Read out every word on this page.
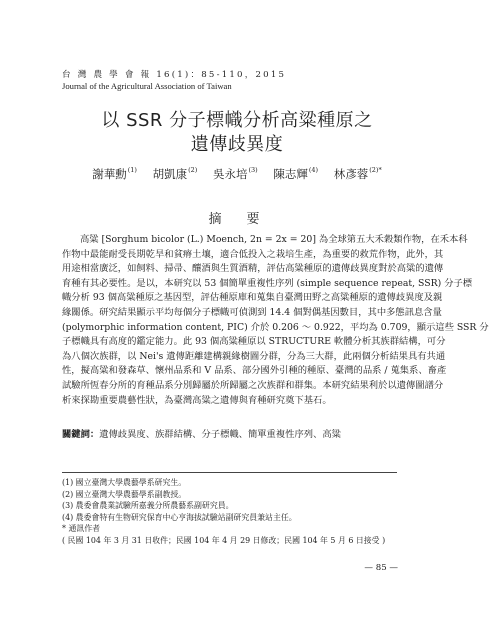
台 灣 農 學 會 報 16(1)：85-110，2015
Journal of the Agricultural Association of Taiwan
以 SSR 分子標幟分析高粱種原之
遺傳歧異度
謝華勳$^{(1)}$ 胡凱康$^{(2)}$ 吳永培$^{(3)}$ 陳志輝$^{(4)}$ 林彥蓉$^{(2)*}$
摘　要
高粱 [Sorghum bicolor (L.) Moench, 2n = 2x = 20] 為全球第五大禾穀類作物，在禾本科
作物中最能耐受長期乾旱和貧瘠土壤，適合低投入之栽培生產，為重要的救荒作物，此外，其
用途相當廣泛，如飼料、掃帚、釀酒與生質酒精，評估高粱種原的遺傳歧異度對於高粱的遺傳
育種有其必要性。是以，本研究以 53 個簡單重複性序列 (simple sequence repeat, SSR) 分子標
幟分析 93 個高粱種原之基因型，評估種原庫和蒐集自臺灣田野之高粱種原的遺傳歧異度及親
緣關係。研究結果顯示平均每個分子標幟可偵測到 14.4 個對偶基因數目，其中多態訊息含量
(polymorphic information content, PIC) 介於 0.206 ～ 0.922，平均為 0.709，顯示這些 SSR 分
子標幟具有高度的鑑定能力。此 93 個高粱種原以 STRUCTURE 軟體分析其族群結構，可分
為八個次族群，以 Nei's 遺傳距離建構親緣樹圖分群，分為三大群，此兩個分析結果具有共通
性，擬高粱和發森草、懷州品系和 V 品系、部分國外引種的種原、臺灣的品系 / 蒐集系、畜產
試驗所恆春分所的育種品系分別歸屬於所歸屬之次族群和群集。本研究結果利於以遺傳圖譜分
析來探勘重要農藝性狀，為臺灣高粱之遺傳與育種研究奠下基石。
關鍵詞：遺傳歧異度、族群結構、分子標幟、簡單重複性序列、高粱
(1) 國立臺灣大學農藝學系研究生。
(2) 國立臺灣大學農藝學系副教授。
(3) 農委會農業試驗所嘉義分所農藝系副研究員。
(4) 農委會特有生物研究保育中心亨海拔試驗站副研究員兼站主任。
* 通訊作者
( 民國 104 年 3 月 31 日收件；民國 104 年 4 月 29 日修改；民國 104 年 5 月 6 日接受 )
— 85 —
